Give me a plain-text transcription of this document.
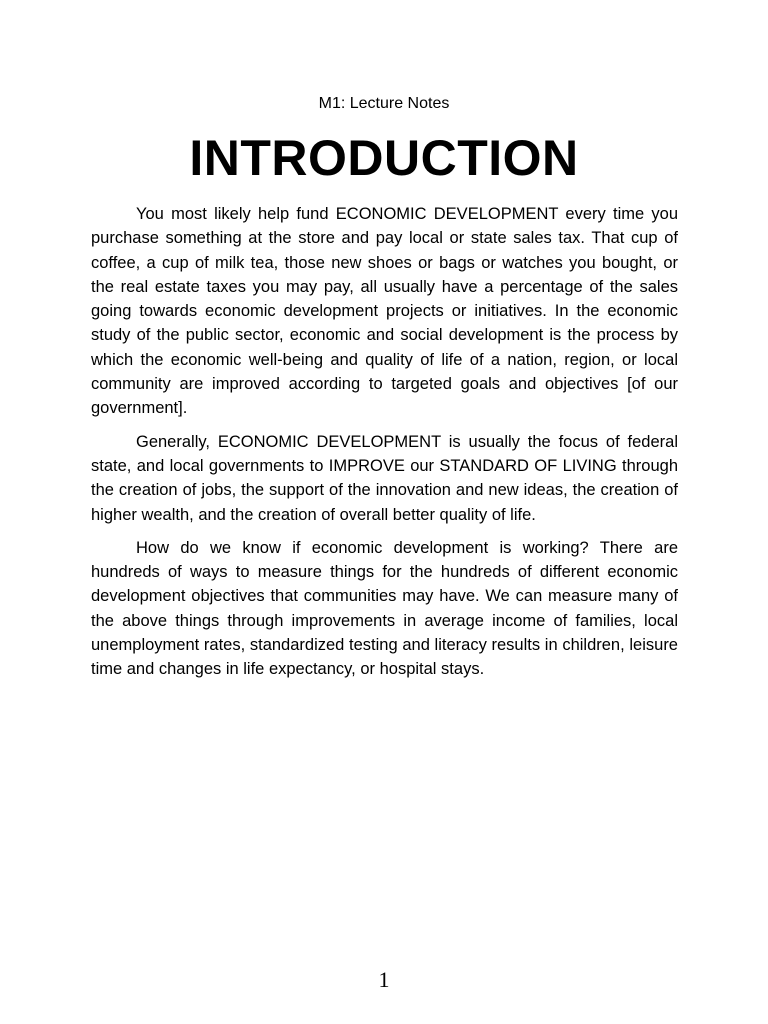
M1: Lecture Notes
INTRODUCTION

You most likely help fund ECONOMIC DEVELOPMENT every time you purchase something at the store and pay local or state sales tax. That cup of coffee, a cup of milk tea, those new shoes or bags or watches you bought, or the real estate taxes you may pay, all usually have a percentage of the sales going towards economic development projects or initiatives. In the economic study of the public sector, economic and social development is the process by which the economic well-being and quality of life of a nation, region, or local community are improved according to targeted goals and objectives [of our government].

Generally, ECONOMIC DEVELOPMENT is usually the focus of federal state, and local governments to IMPROVE our STANDARD OF LIVING through the creation of jobs, the support of the innovation and new ideas, the creation of higher wealth, and the creation of overall better quality of life.

How do we know if economic development is working? There are hundreds of ways to measure things for the hundreds of different economic development objectives that communities may have. We can measure many of the above things through improvements in average income of families, local unemployment rates, standardized testing and literacy results in children, leisure time and changes in life expectancy, or hospital stays.

1
